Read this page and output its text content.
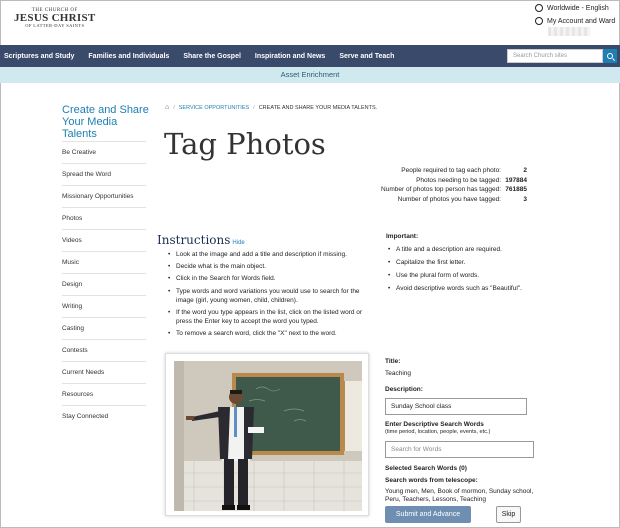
THE CHURCH OF
JESUS CHRIST
OF LATTER-DAY SAINTS
Worldwide - English
My Account and Ward
Scriptures and Study Families and Individuals Share the Gospel Inspiration and News Serve and Teach	Search Church sites
Asset Enrichment
Create and Share Your Media Talents
Be Creative
Spread the Word
Missionary Opportunities
Photos
Videos
Music
Design
Writing
Casting
Contests
Current Needs
Resources
Stay Connected
⌂ / SERVICE OPPORTUNITIES / CREATE AND SHARE YOUR MEDIA TALENTS.
Tag Photos
People required to tag each photo:	2
Photos needing to be tagged: 197884
Number of photos top person has tagged: 761885
Number of photos you have tagged:	3
Instructions Hide
• Look at the image and add a title and description if missing.
• Decide what is the main object.
• Click in the Search for Words field.
• Type words and word variations you would use to search for the image (girl, young women, child, children).
• If the word you type appears in the list, click on the listed word or press the Enter key to accept the word you typed.
• To remove a search word, click the "X" next to the word.
Important:
• A title and a description are required.
• Capitalize the first letter.
• Use the plural form of words.
• Avoid descriptive words such as "Beautiful".
Title:
Teaching
Description:
Sunday School class
Enter Descriptive Search Words
(time period, location, people, events, etc.)
Search for Words
Selected Search Words (0)
Search words from telescope:
Young men, Men, Book of mormon, Sunday school, Peru, Teachers, Lessons, Teaching
Submit and Advance	Skip
